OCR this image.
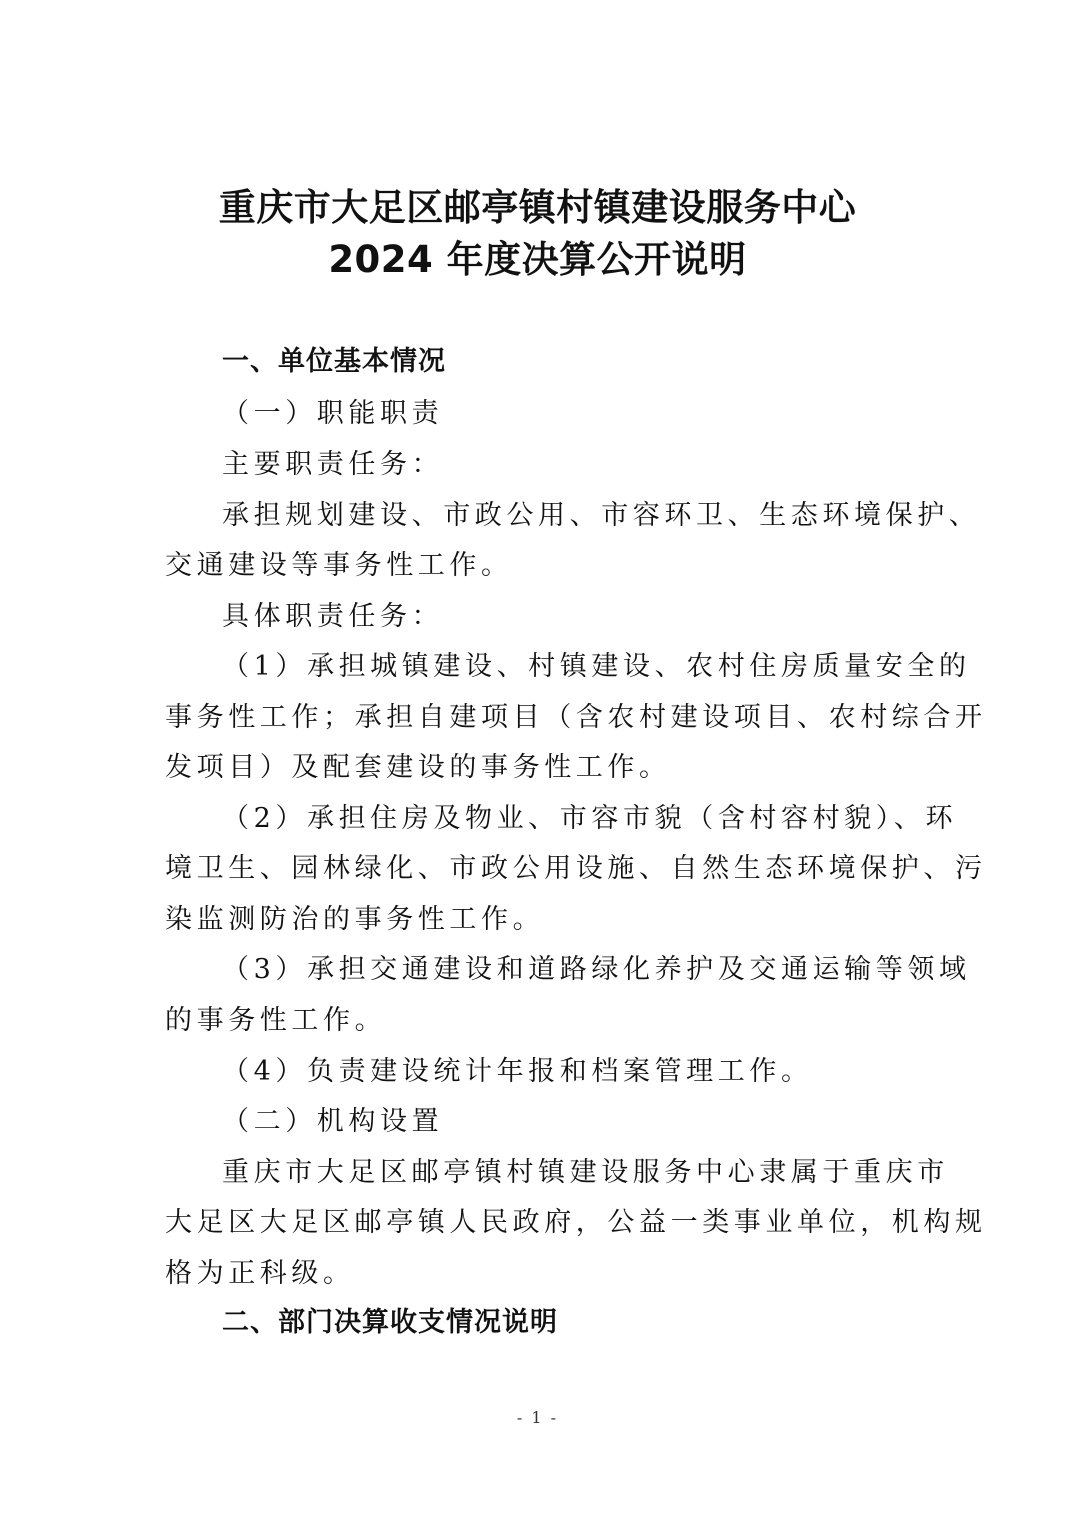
重庆市大足区邮亭镇村镇建设服务中心
2024 年度决算公开说明
一、单位基本情况
（一）职能职责
主要职责任务：
承担规划建设、市政公用、市容环卫、生态环境保护、
交通建设等事务性工作。
具体职责任务：
（1）承担城镇建设、村镇建设、农村住房质量安全的
事务性工作；承担自建项目（含农村建设项目、农村综合开
发项目）及配套建设的事务性工作。
（2）承担住房及物业、市容市貌（含村容村貌）、环
境卫生、园林绿化、市政公用设施、自然生态环境保护、污
染监测防治的事务性工作。
（3）承担交通建设和道路绿化养护及交通运输等领域
的事务性工作。
（4）负责建设统计年报和档案管理工作。
（二）机构设置
重庆市大足区邮亭镇村镇建设服务中心隶属于重庆市
大足区大足区邮亭镇人民政府，公益一类事业单位，机构规
格为正科级。
二、部门决算收支情况说明
- 1 -
